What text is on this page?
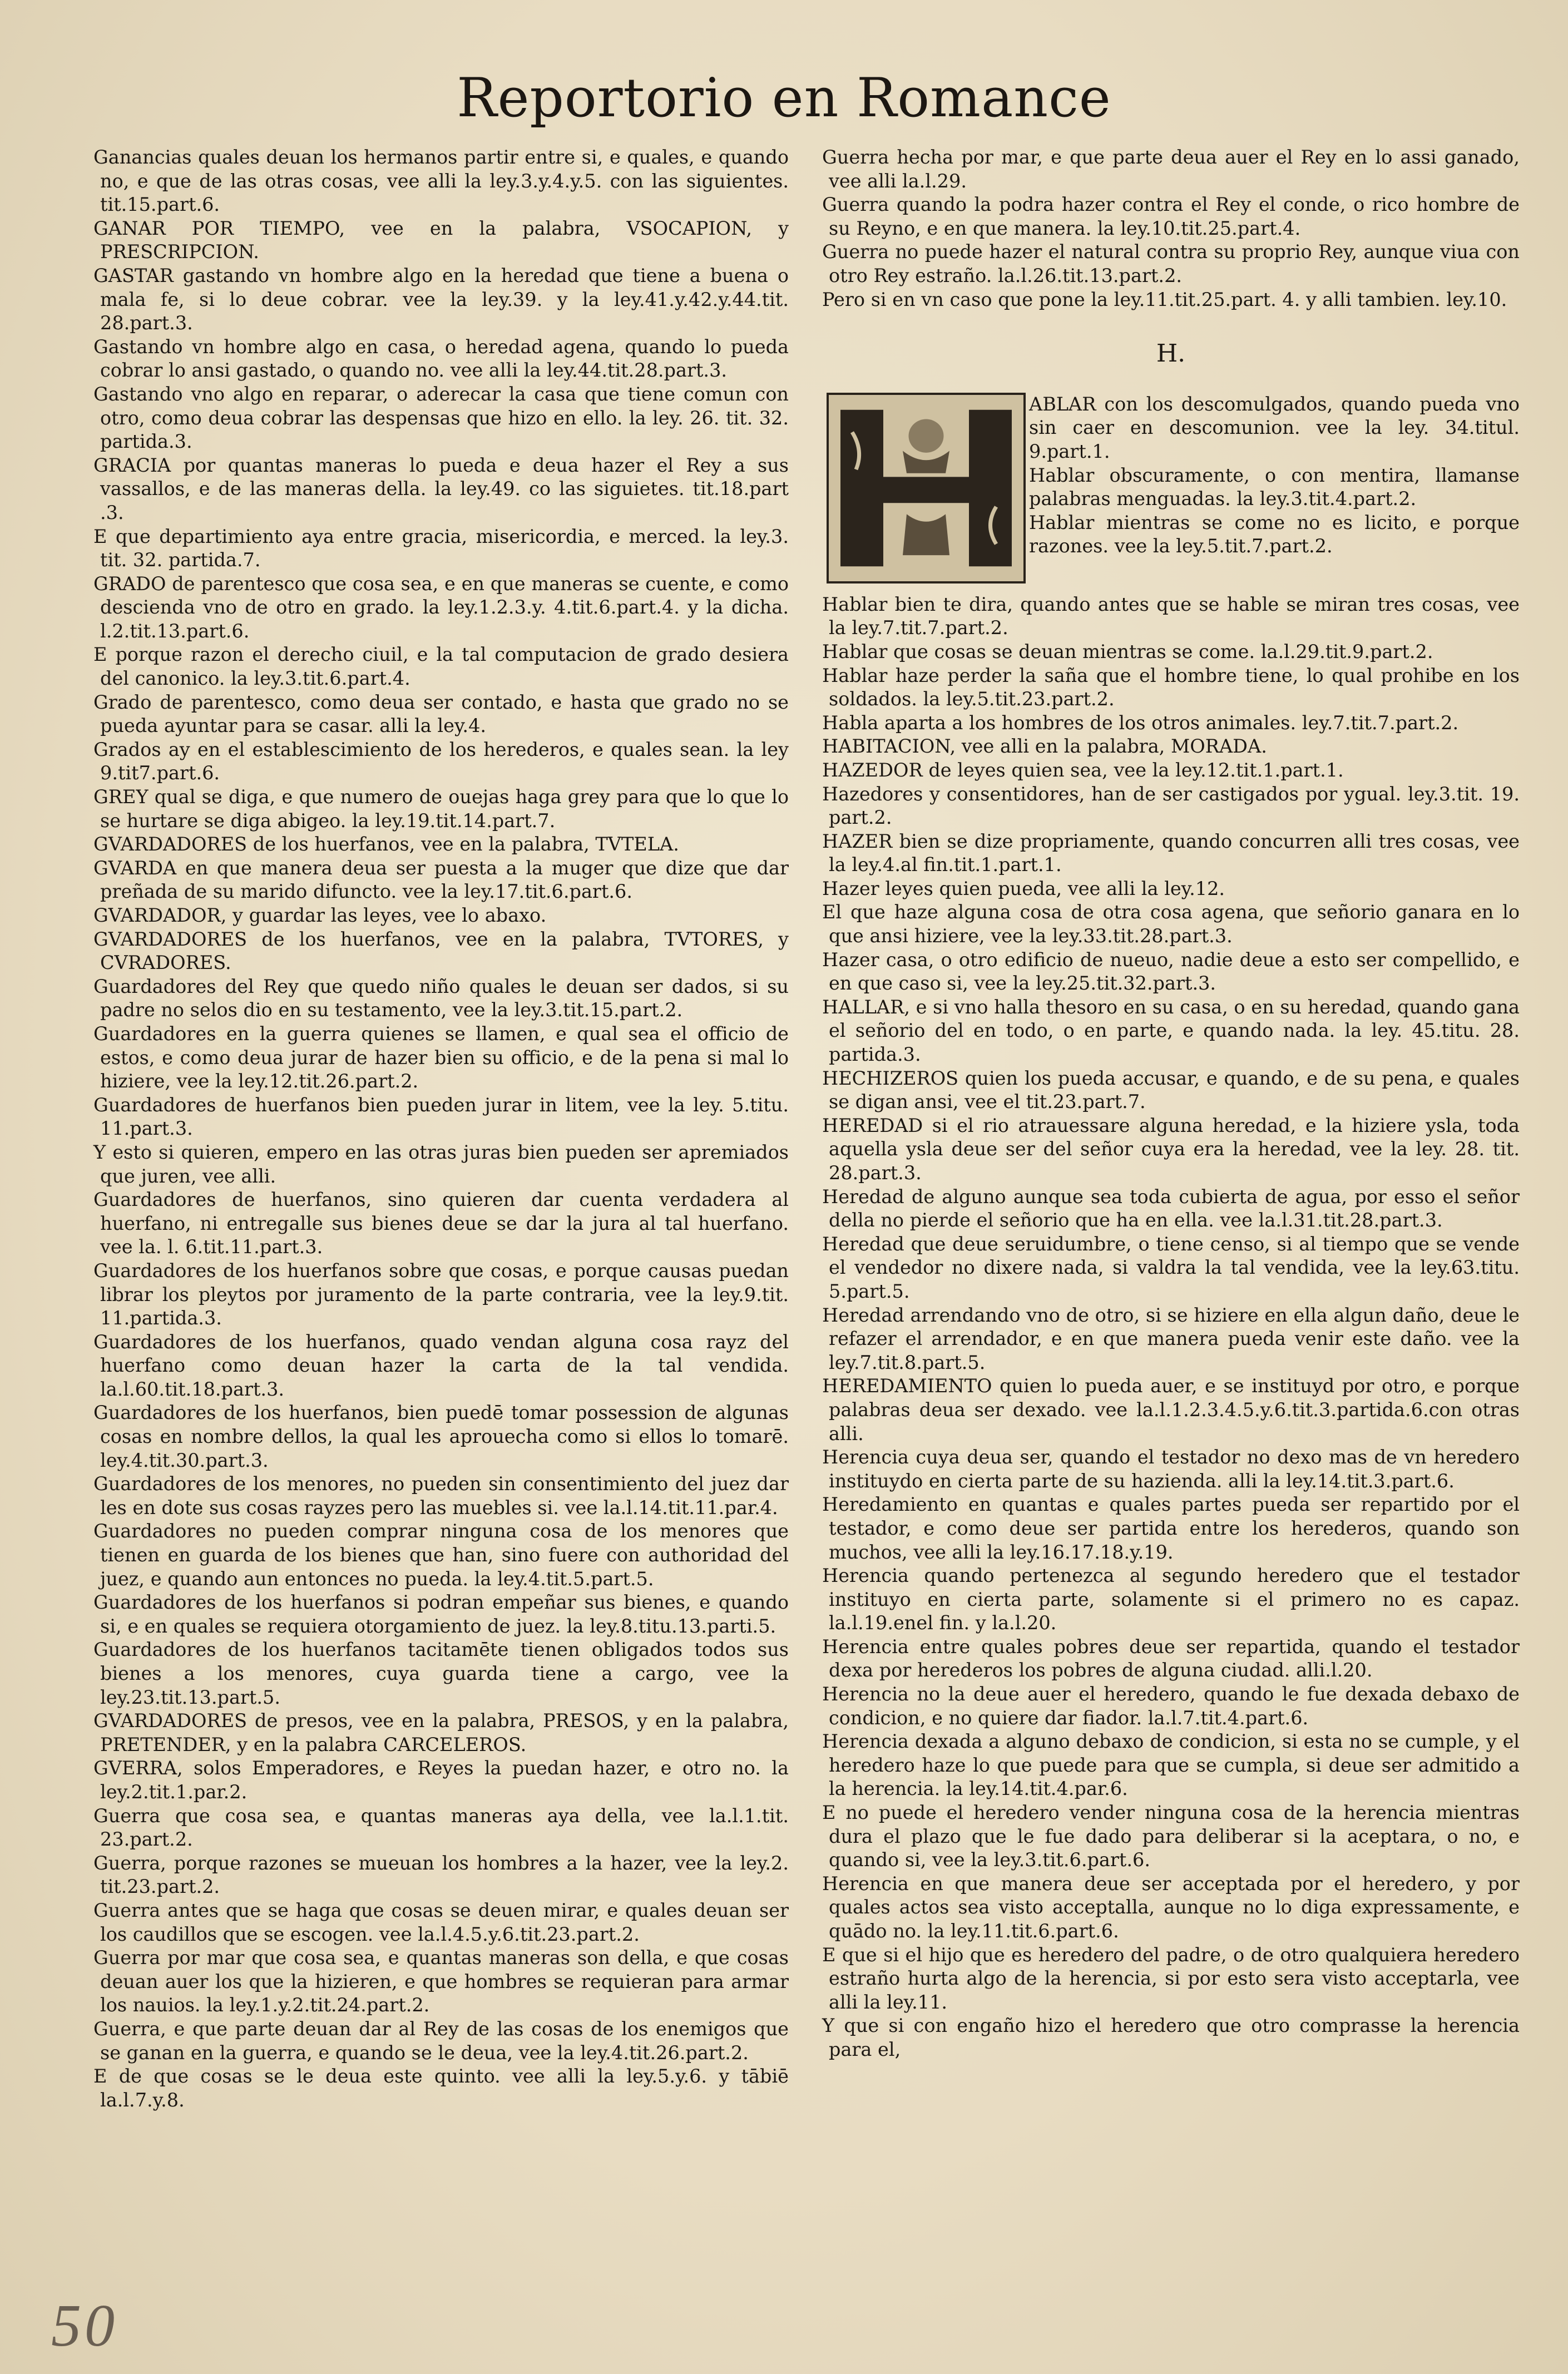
Reportorio en Romance

Ganancias quales deuan los hermanos partir entre si, e quales, e quando no, e que de las otras cosas, vee alli la ley.3.y.4.y.5. con las siguientes. tit.15.part.6.

GANAR POR TIEMPO, vee en la palabra, VSOCAPION, y PRESCRIPCION.

GASTAR gastando vn hombre algo en la heredad que tiene a buena o mala fe, si lo deue cobrar. vee la ley.39. y la ley.41.y.42.y.44.tit. 28.part.3.

Gastando vn hombre algo en casa, o heredad agena, quando lo pueda cobrar lo ansi gastado, o quando no. vee alli la ley.44.tit.28.part.3.

Gastando vno algo en reparar, o aderecar la casa que tiene comun con otro, como deua cobrar las despensas que hizo en ello. la ley. 26. tit. 32. partida.3.

GRACIA por quantas maneras lo pueda e deua hazer el Rey a sus vassallos, e de las maneras della. la ley.49. co las siguietes. tit.18.part .3.

E que departimiento aya entre gracia, misericordia, e merced. la ley.3. tit. 32. partida.7.

GRADO de parentesco que cosa sea, e en que maneras se cuente, e como descienda vno de otro en grado. la ley.1.2.3.y. 4.tit.6.part.4. y la dicha. l.2.tit.13.part.6.

E porque razon el derecho ciuil, e la tal computacion de grado desiera del canonico. la ley.3.tit.6.part.4.

Grado de parentesco, como deua ser contado, e hasta que grado no se pueda ayuntar para se casar. alli la ley.4.

Grados ay en el establescimiento de los herederos, e quales sean. la ley 9.tit7.part.6.

GREY qual se diga, e que numero de ouejas haga grey para que lo que lo se hurtare se diga abigeo. la ley.19.tit.14.part.7.

GVARDADORES de los huerfanos, vee en la palabra, TVTELA.

GVARDA en que manera deua ser puesta a la muger que dize que dar preñada de su marido difuncto. vee la ley.17.tit.6.part.6.

GVARDADOR, y guardar las leyes, vee lo abaxo.

GVARDADORES de los huerfanos, vee en la palabra, TVTORES, y CVRADORES.

Guardadores del Rey que quedo niño quales le deuan ser dados, si su padre no selos dio en su testamento, vee la ley.3.tit.15.part.2.

Guardadores en la guerra quienes se llamen, e qual sea el officio de estos, e como deua jurar de hazer bien su officio, e de la pena si mal lo hiziere, vee la ley.12.tit.26.part.2.

Guardadores de huerfanos bien pueden jurar in litem, vee la ley. 5.titu. 11.part.3.

Y esto si quieren, empero en las otras juras bien pueden ser apremiados que juren, vee alli.

Guardadores de huerfanos, sino quieren dar cuenta verdadera al huerfano, ni entregalle sus bienes deue se dar la jura al tal huerfano. vee la. l. 6.tit.11.part.3.

Guardadores de los huerfanos sobre que cosas, e porque causas puedan librar los pleytos por juramento de la parte contraria, vee la ley.9.tit. 11.partida.3.

Guardadores de los huerfanos, quado vendan alguna cosa rayz del huerfano como deuan hazer la carta de la tal vendida. la.l.60.tit.18.part.3.

Guardadores de los huerfanos, bien puedē tomar possession de algunas cosas en nombre dellos, la qual les aprouecha como si ellos lo tomarē. ley.4.tit.30.part.3.

Guardadores de los menores, no pueden sin consentimiento del juez dar les en dote sus cosas rayzes pero las muebles si. vee la.l.14.tit.11.par.4.

Guardadores no pueden comprar ninguna cosa de los menores que tienen en guarda de los bienes que han, sino fuere con authoridad del juez, e quando aun entonces no pueda. la ley.4.tit.5.part.5.

Guardadores de los huerfanos si podran empeñar sus bienes, e quando si, e en quales se requiera otorgamiento de juez. la ley.8.titu.13.parti.5.

Guardadores de los huerfanos tacitamēte tienen obligados todos sus bienes a los menores, cuya guarda tiene a cargo, vee la ley.23.tit.13.part.5.

GVARDADORES de presos, vee en la palabra, PRESOS, y en la palabra, PRETENDER, y en la palabra CARCELEROS.

GVERRA, solos Emperadores, e Reyes la puedan hazer, e otro no. la ley.2.tit.1.par.2.

Guerra que cosa sea, e quantas maneras aya della, vee la.l.1.tit. 23.part.2.

Guerra, porque razones se mueuan los hombres a la hazer, vee la ley.2. tit.23.part.2.

Guerra antes que se haga que cosas se deuen mirar, e quales deuan ser los caudillos que se escogen. vee la.l.4.5.y.6.tit.23.part.2.

Guerra por mar que cosa sea, e quantas maneras son della, e que cosas deuan auer los que la hizieren, e que hombres se requieran para armar los nauios. la ley.1.y.2.tit.24.part.2.

Guerra, e que parte deuan dar al Rey de las cosas de los enemigos que se ganan en la guerra, e quando se le deua, vee la ley.4.tit.26.part.2.

E de que cosas se le deua este quinto. vee alli la ley.5.y.6. y tābiē la.l.7.y.8.

Guerra hecha por mar, e que parte deua auer el Rey en lo assi ganado, vee alli la.l.29.

Guerra quando la podra hazer contra el Rey el conde, o rico hombre de su Reyno, e en que manera. la ley.10.tit.25.part.4.

Guerra no puede hazer el natural contra su proprio Rey, aunque viua con otro Rey estraño. la.l.26.tit.13.part.2.

Pero si en vn caso que pone la ley.11.tit.25.part. 4. y alli tambien. ley.10.

H.

ABLAR con los descomulgados, quando pueda vno sin caer en descomunion. vee la ley. 34.titul. 9.part.1.

Hablar obscuramente, o con mentira, llamanse palabras menguadas. la ley.3.tit.4.part.2.

Hablar mientras se come no es licito, e porque razones. vee la ley.5.tit.7.part.2.

Hablar bien te dira, quando antes que se hable se miran tres cosas, vee la ley.7.tit.7.part.2.

Hablar que cosas se deuan mientras se come. la.l.29.tit.9.part.2.

Hablar haze perder la saña que el hombre tiene, lo qual prohibe en los soldados. la ley.5.tit.23.part.2.

Habla aparta a los hombres de los otros animales. ley.7.tit.7.part.2.

HABITACION, vee alli en la palabra, MORADA.

HAZEDOR de leyes quien sea, vee la ley.12.tit.1.part.1.

Hazedores y consentidores, han de ser castigados por ygual. ley.3.tit. 19. part.2.

HAZER bien se dize propriamente, quando concurren alli tres cosas, vee la ley.4.al fin.tit.1.part.1.

Hazer leyes quien pueda, vee alli la ley.12.

El que haze alguna cosa de otra cosa agena, que señorio ganara en lo que ansi hiziere, vee la ley.33.tit.28.part.3.

Hazer casa, o otro edificio de nueuo, nadie deue a esto ser compellido, e en que caso si, vee la ley.25.tit.32.part.3.

HALLAR, e si vno halla thesoro en su casa, o en su heredad, quando gana el señorio del en todo, o en parte, e quando nada. la ley. 45.titu. 28. partida.3.

HECHIZEROS quien los pueda accusar, e quando, e de su pena, e quales se digan ansi, vee el tit.23.part.7.

HEREDAD si el rio atrauessare alguna heredad, e la hiziere ysla, toda aquella ysla deue ser del señor cuya era la heredad, vee la ley. 28. tit. 28.part.3.

Heredad de alguno aunque sea toda cubierta de agua, por esso el señor della no pierde el señorio que ha en ella. vee la.l.31.tit.28.part.3.

Heredad que deue seruidumbre, o tiene censo, si al tiempo que se vende el vendedor no dixere nada, si valdra la tal vendida, vee la ley.63.titu. 5.part.5.

Heredad arrendando vno de otro, si se hiziere en ella algun daño, deue le refazer el arrendador, e en que manera pueda venir este daño. vee la ley.7.tit.8.part.5.

HEREDAMIENTO quien lo pueda auer, e se instituyd por otro, e porque palabras deua ser dexado. vee la.l.1.2.3.4.5.y.6.tit.3.partida.6.con otras alli.

Herencia cuya deua ser, quando el testador no dexo mas de vn heredero instituydo en cierta parte de su hazienda. alli la ley.14.tit.3.part.6.

Heredamiento en quantas e quales partes pueda ser repartido por el testador, e como deue ser partida entre los herederos, quando son muchos, vee alli la ley.16.17.18.y.19.

Herencia quando pertenezca al segundo heredero que el testador instituyo en cierta parte, solamente si el primero no es capaz. la.l.19.enel fin. y la.l.20.

Herencia entre quales pobres deue ser repartida, quando el testador dexa por herederos los pobres de alguna ciudad. alli.l.20.

Herencia no la deue auer el heredero, quando le fue dexada debaxo de condicion, e no quiere dar fiador. la.l.7.tit.4.part.6.

Herencia dexada a alguno debaxo de condicion, si esta no se cumple, y el heredero haze lo que puede para que se cumpla, si deue ser admitido a la herencia. la ley.14.tit.4.par.6.

E no puede el heredero vender ninguna cosa de la herencia mientras dura el plazo que le fue dado para deliberar si la aceptara, o no, e quando si, vee la ley.3.tit.6.part.6.

Herencia en que manera deue ser acceptada por el heredero, y por quales actos sea visto acceptalla, aunque no lo diga expressamente, e quādo no. la ley.11.tit.6.part.6.

E que si el hijo que es heredero del padre, o de otro qualquiera heredero estraño hurta algo de la herencia, si por esto sera visto acceptarla, vee alli la ley.11.

Y que si con engaño hizo el heredero que otro comprasse la herencia para el,

50
